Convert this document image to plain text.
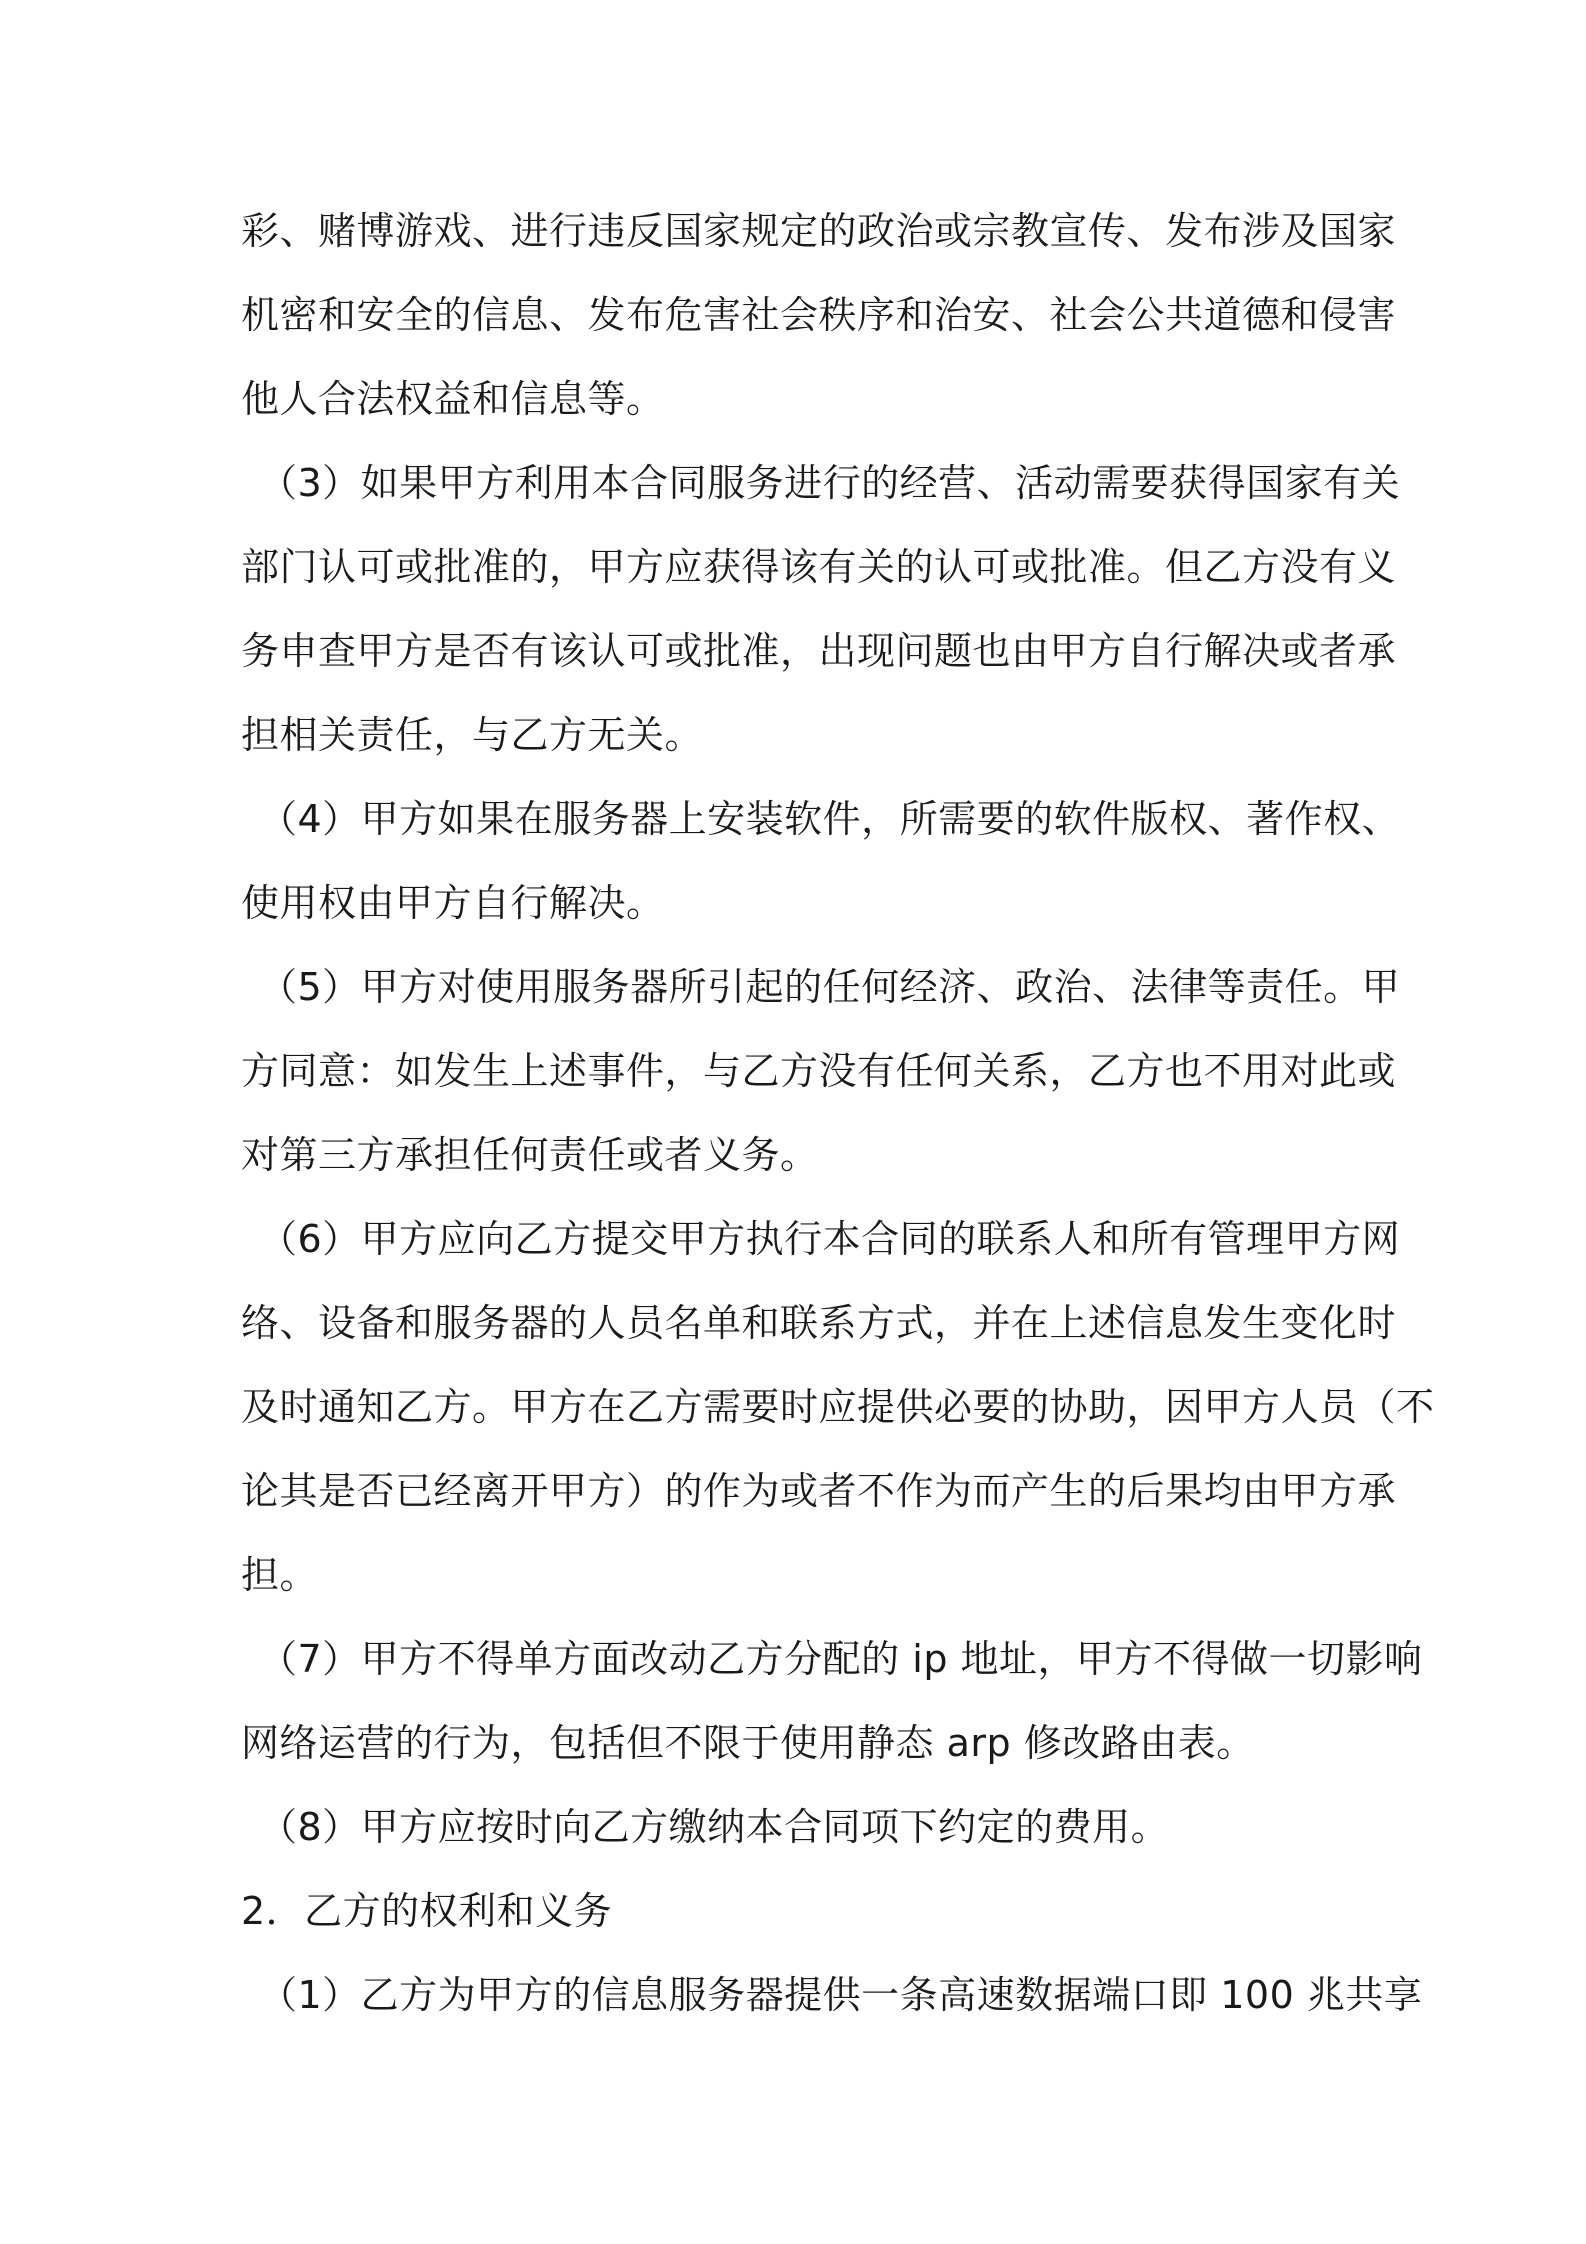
彩、赌博游戏、进行违反国家规定的政治或宗教宣传、发布涉及国家
机密和安全的信息、发布危害社会秩序和治安、社会公共道德和侵害
他人合法权益和信息等。
（3）如果甲方利用本合同服务进行的经营、活动需要获得国家有关
部门认可或批准的，甲方应获得该有关的认可或批准。但乙方没有义
务申查甲方是否有该认可或批准，出现问题也由甲方自行解决或者承
担相关责任，与乙方无关。
（4）甲方如果在服务器上安装软件，所需要的软件版权、著作权、
使用权由甲方自行解决。
（5）甲方对使用服务器所引起的任何经济、政治、法律等责任。甲
方同意：如发生上述事件，与乙方没有任何关系，乙方也不用对此或
对第三方承担任何责任或者义务。
（6）甲方应向乙方提交甲方执行本合同的联系人和所有管理甲方网
络、设备和服务器的人员名单和联系方式，并在上述信息发生变化时
及时通知乙方。甲方在乙方需要时应提供必要的协助，因甲方人员（不
论其是否已经离开甲方）的作为或者不作为而产生的后果均由甲方承
担。
（7）甲方不得单方面改动乙方分配的 ip 地址，甲方不得做一切影响
网络运营的行为，包括但不限于使用静态 arp 修改路由表。
（8）甲方应按时向乙方缴纳本合同项下约定的费用。
2．乙方的权利和义务
（1）乙方为甲方的信息服务器提供一条高速数据端口即 100 兆共享
